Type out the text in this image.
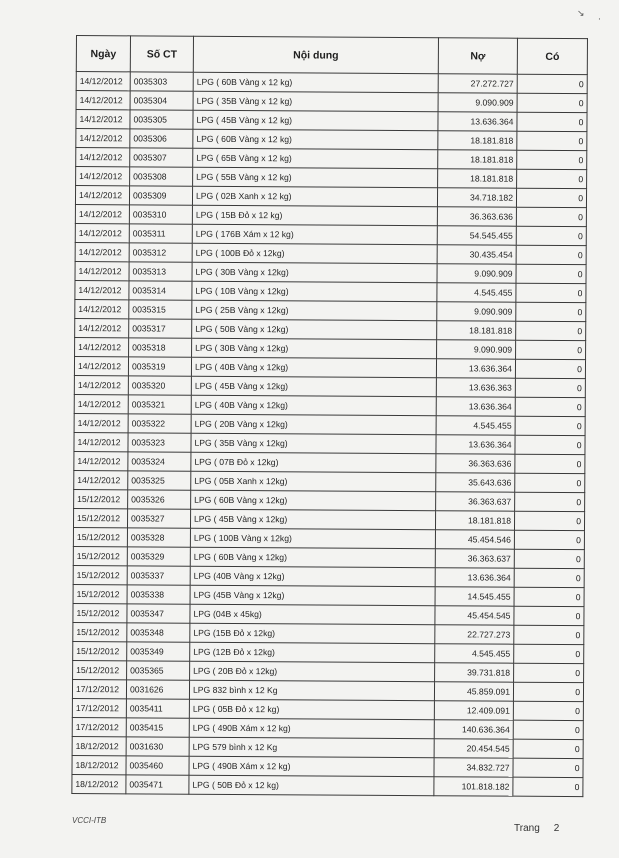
↘
‧
Ngày	Số CT	Nội dung	Nợ	Có
14/12/2012	0035303	LPG ( 60B Vàng x 12 kg)	27.272.727	0
14/12/2012	0035304	LPG ( 35B Vàng x 12 kg)	9.090.909	0
14/12/2012	0035305	LPG ( 45B Vàng x 12 kg)	13.636.364	0
14/12/2012	0035306	LPG ( 60B Vàng x 12 kg)	18.181.818	0
14/12/2012	0035307	LPG ( 65B Vàng x 12 kg)	18.181.818	0
14/12/2012	0035308	LPG ( 55B Vàng x 12 kg)	18.181.818	0
14/12/2012	0035309	LPG ( 02B Xanh x 12 kg)	34.718.182	0
14/12/2012	0035310	LPG ( 15B Đỏ x 12 kg)	36.363.636	0
14/12/2012	0035311	LPG ( 176B Xám x 12 kg)	54.545.455	0
14/12/2012	0035312	LPG ( 100B Đỏ x 12kg)	30.435.454	0
14/12/2012	0035313	LPG ( 30B Vàng x 12kg)	9.090.909	0
14/12/2012	0035314	LPG ( 10B Vàng x 12kg)	4.545.455	0
14/12/2012	0035315	LPG ( 25B Vàng x 12kg)	9.090.909	0
14/12/2012	0035317	LPG ( 50B Vàng x 12kg)	18.181.818	0
14/12/2012	0035318	LPG ( 30B Vàng x 12kg)	9.090.909	0
14/12/2012	0035319	LPG ( 40B Vàng x 12kg)	13.636.364	0
14/12/2012	0035320	LPG ( 45B Vàng x 12kg)	13.636.363	0
14/12/2012	0035321	LPG ( 40B Vàng x 12kg)	13.636.364	0
14/12/2012	0035322	LPG ( 20B Vàng x 12kg)	4.545.455	0
14/12/2012	0035323	LPG ( 35B Vàng x 12kg)	13.636.364	0
14/12/2012	0035324	LPG ( 07B Đỏ x 12kg)	36.363.636	0
14/12/2012	0035325	LPG ( 05B Xanh x 12kg)	35.643.636	0
15/12/2012	0035326	LPG ( 60B Vàng x 12kg)	36.363.637	0
15/12/2012	0035327	LPG ( 45B Vàng x 12kg)	18.181.818	0
15/12/2012	0035328	LPG ( 100B Vàng x 12kg)	45.454.546	0
15/12/2012	0035329	LPG ( 60B Vàng x 12kg)	36.363.637	0
15/12/2012	0035337	LPG (40B Vàng x 12kg)	13.636.364	0
15/12/2012	0035338	LPG (45B Vàng x 12kg)	14.545.455	0
15/12/2012	0035347	LPG (04B x 45kg)	45.454.545	0
15/12/2012	0035348	LPG (15B Đỏ x 12kg)	22.727.273	0
15/12/2012	0035349	LPG (12B Đỏ x 12kg)	4.545.455	0
15/12/2012	0035365	LPG ( 20B Đỏ x 12kg)	39.731.818	0
17/12/2012	0031626	LPG 832 bình x 12 Kg	45.859.091	0
17/12/2012	0035411	LPG ( 05B Đỏ x 12 kg)	12.409.091	0
17/12/2012	0035415	LPG ( 490B Xám x 12 kg)	140.636.364	0
18/12/2012	0031630	LPG 579 bình x 12 Kg	20.454.545	0
18/12/2012	0035460	LPG ( 490B Xám x 12 kg)	34.832.727	0
18/12/2012	0035471	LPG ( 50B Đỏ x 12 kg)	101.818.182	0
VCCI-ITB
Trang 2
